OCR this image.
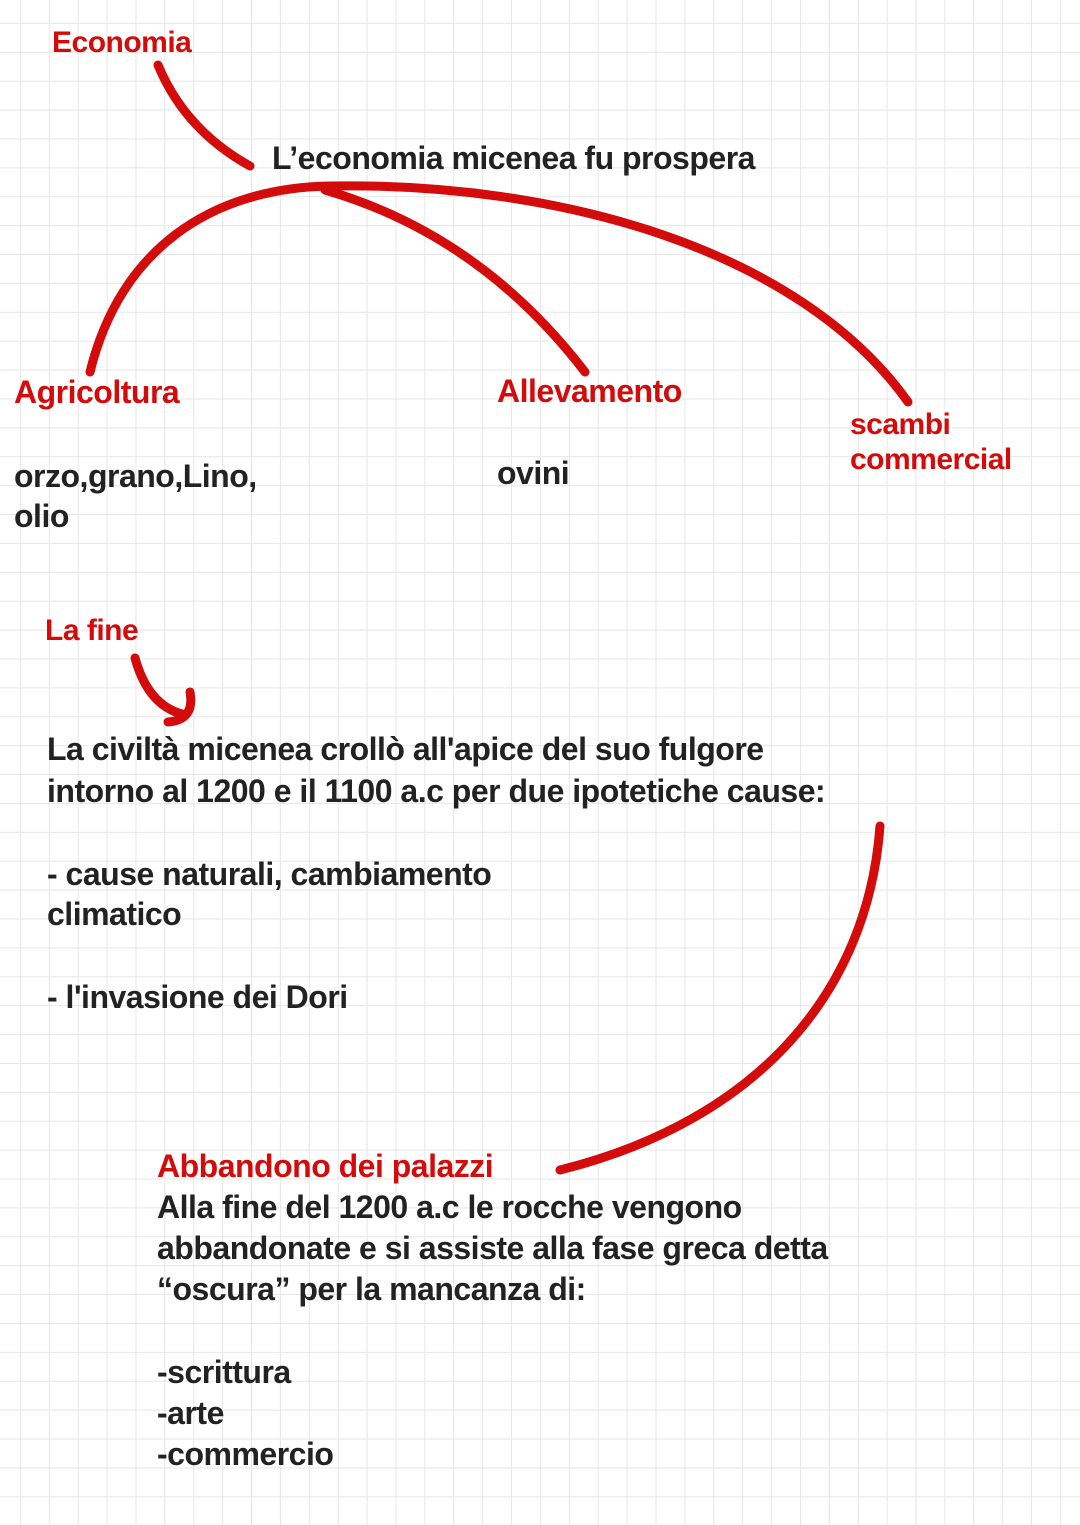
Economia
L’economia micenea fu prospera
Agricoltura
orzo,grano,Lino,
olio
Allevamento
ovini
scambi
commercial
La fine
La civiltà micenea crollò all'apice del suo fulgore
intorno al 1200 e il 1100 a.c per due ipotetiche cause:
- cause naturali, cambiamento
climatico
- l'invasione dei Dori
Abbandono dei palazzi
Alla fine del 1200 a.c le rocche vengono
abbandonate e si assiste alla fase greca detta
“oscura” per la mancanza di:
-scrittura
-arte
-commercio
